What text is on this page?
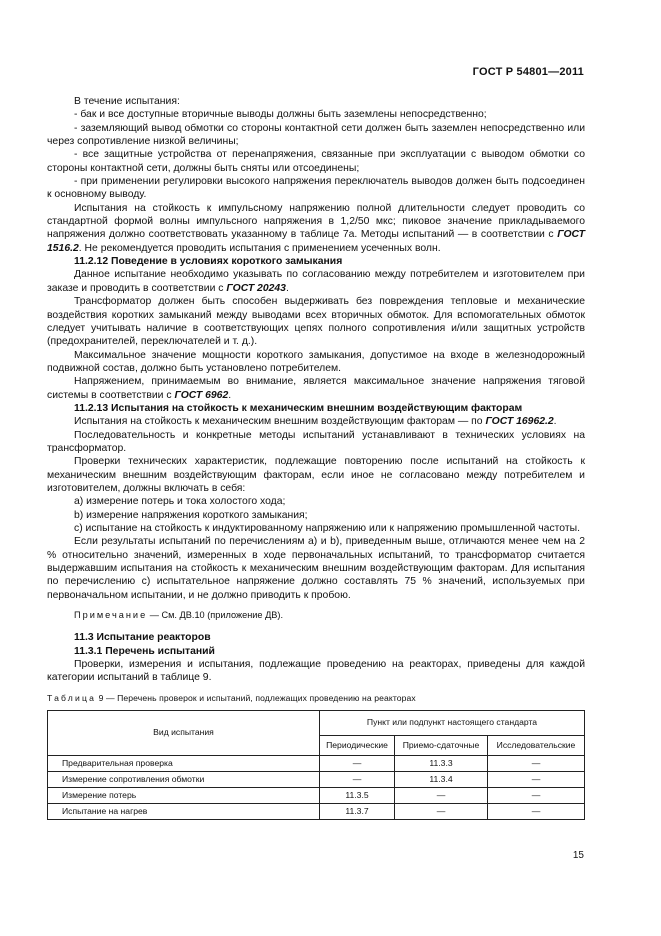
ГОСТ Р 54801—2011

В течение испытания:

- бак и все доступные вторичные выводы должны быть заземлены непосредственно;

- заземляющий вывод обмотки со стороны контактной сети должен быть заземлен непосредственно или через сопротивление низкой величины;

- все защитные устройства от перенапряжения, связанные при эксплуатации с выводом обмотки со стороны контактной сети, должны быть сняты или отсоединены;

- при применении регулировки высокого напряжения переключатель выводов должен быть подсоединен к основному выводу.

Испытания на стойкость к импульсному напряжению полной длительности следует проводить со стандартной формой волны импульсного напряжения в 1,2/50 мкс; пиковое значение прикладываемого напряжения должно соответствовать указанному в таблице 7а. Методы испытаний — в соответствии с ГОСТ 1516.2. Не рекомендуется проводить испытания с применением усеченных волн.

11.2.12 Поведение в условиях короткого замыкания

Данное испытание необходимо указывать по согласованию между потребителем и изготовителем при заказе и проводить в соответствии с ГОСТ 20243.

Трансформатор должен быть способен выдерживать без повреждения тепловые и механические воздействия коротких замыканий между выводами всех вторичных обмоток. Для вспомогательных обмоток следует учитывать наличие в соответствующих цепях полного сопротивления и/или защитных устройств (предохранителей, переключателей и т. д.).

Максимальное значение мощности короткого замыкания, допустимое на входе в железнодорожный подвижной состав, должно быть установлено потребителем.

Напряжением, принимаемым во внимание, является максимальное значение напряжения тяговой системы в соответствии с ГОСТ 6962.

11.2.13 Испытания на стойкость к механическим внешним воздействующим факторам

Испытания на стойкость к механическим внешним воздействующим факторам — по ГОСТ 16962.2.

Последовательность и конкретные методы испытаний устанавливают в технических условиях на трансформатор.

Проверки технических характеристик, подлежащие повторению после испытаний на стойкость к механическим внешним воздействующим факторам, если иное не согласовано между потребителем и изготовителем, должны включать в себя:

a) измерение потерь и тока холостого хода;

b) измерение напряжения короткого замыкания;

c) испытание на стойкость к индуктированному напряжению или к напряжению промышленной частоты.

Если результаты испытаний по перечислениям a) и b), приведенным выше, отличаются менее чем на 2 % относительно значений, измеренных в ходе первоначальных испытаний, то трансформатор считается выдержавшим испытания на стойкость к механическим внешним воздействующим факторам. Для испытания по перечислению c) испытательное напряжение должно составлять 75 % значений, используемых при первоначальном испытании, и не должно приводить к пробою.

Примечание — См. ДВ.10 (приложение ДВ).

11.3 Испытание реакторов

11.3.1 Перечень испытаний

Проверки, измерения и испытания, подлежащие проведению на реакторах, приведены для каждой категории испытаний в таблице 9.

Таблица 9 — Перечень проверок и испытаний, подлежащих проведению на реакторах

Вид испытания	Пункт или подпункт настоящего стандарта		
	Периодические	Приемо-сдаточные	Исследовательские
Предварительная проверка	—	11.3.3	—
Измерение сопротивления обмотки	—	11.3.4	—
Измерение потерь	11.3.5	—	—
Испытание на нагрев	11.3.7	—	—
15
